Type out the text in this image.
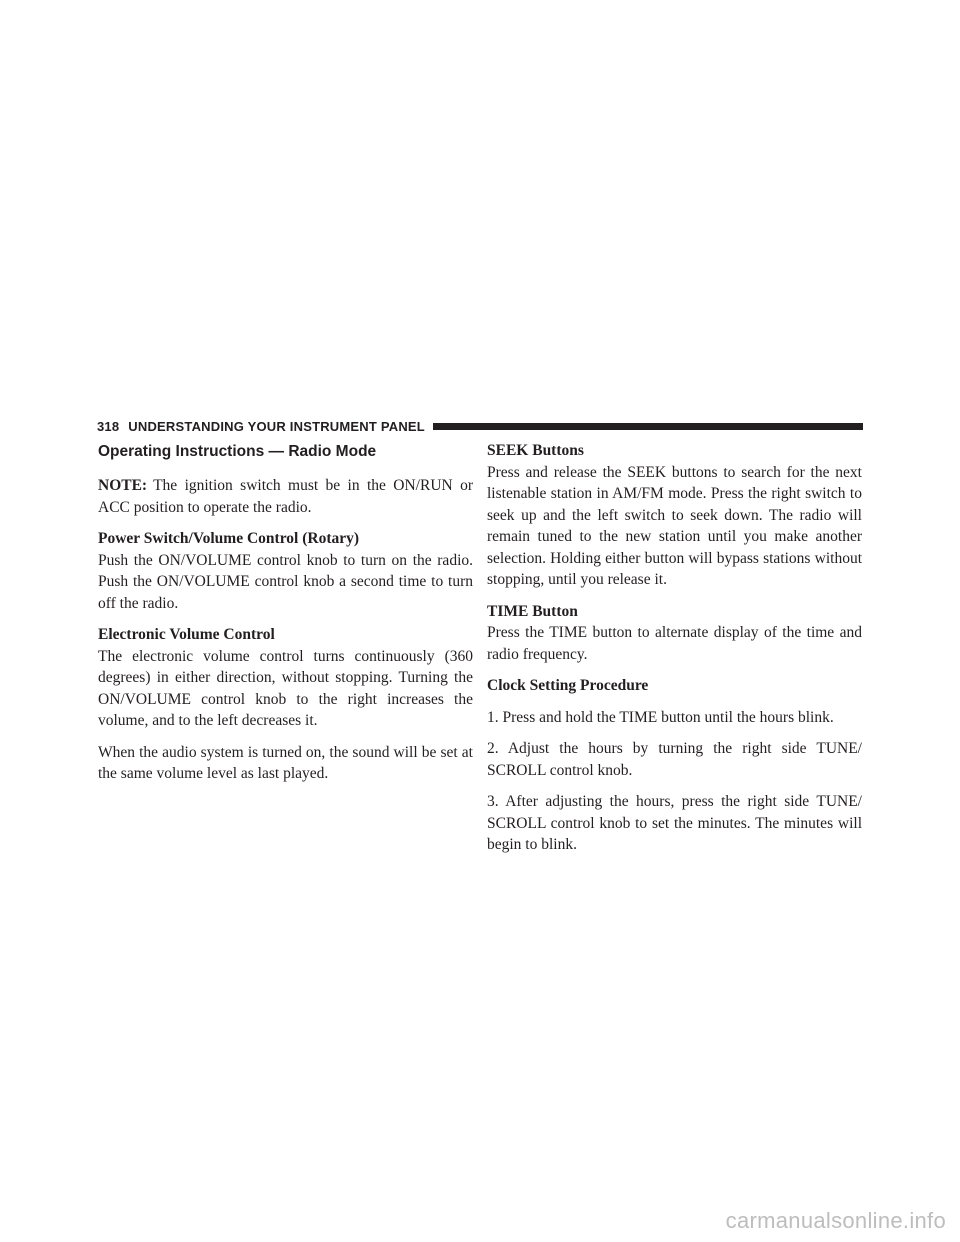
318 UNDERSTANDING YOUR INSTRUMENT PANEL
Operating Instructions — Radio Mode

NOTE: The ignition switch must be in the ON/RUN or ACC position to operate the radio.

Power Switch/Volume Control (Rotary)

Push the ON/VOLUME control knob to turn on the radio. Push the ON/VOLUME control knob a second time to turn off the radio.

Electronic Volume Control

The electronic volume control turns continuously (360 degrees) in either direction, without stopping. Turning the ON/VOLUME control knob to the right increases the volume, and to the left decreases it.

When the audio system is turned on, the sound will be set at the same volume level as last played.

SEEK Buttons

Press and release the SEEK buttons to search for the next listenable station in AM/FM mode. Press the right switch to seek up and the left switch to seek down. The radio will remain tuned to the new station until you make another selection. Holding either button will bypass stations without stopping, until you release it.

TIME Button

Press the TIME button to alternate display of the time and radio frequency.

Clock Setting Procedure

1. Press and hold the TIME button until the hours blink.

2. Adjust the hours by turning the right side TUNE/ SCROLL control knob.

3. After adjusting the hours, press the right side TUNE/ SCROLL control knob to set the minutes. The minutes will begin to blink.

carmanualsonline.info
